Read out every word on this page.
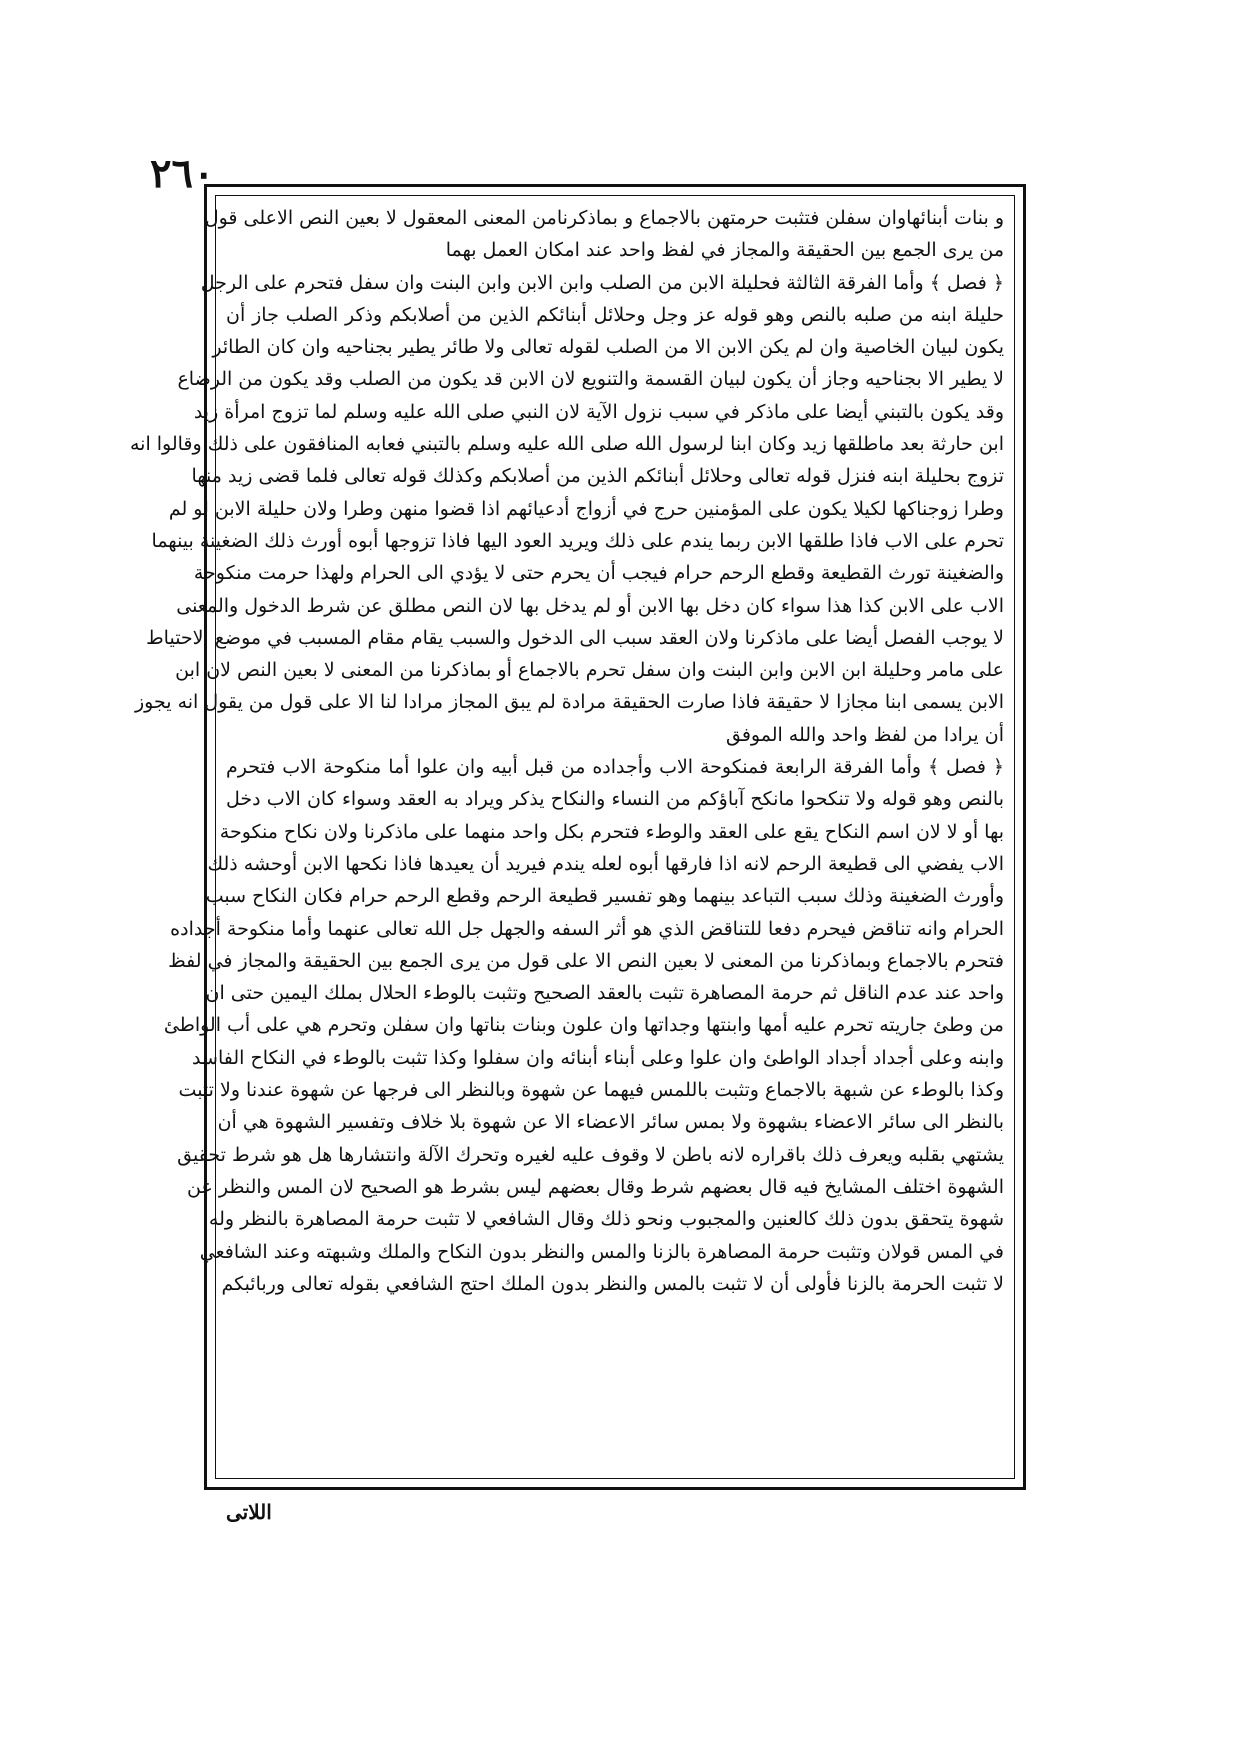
٢٦٠
و بنات أبنائهاوان سفلن فتثبت حرمتهن بالاجماع و بماذكرنامن المعنى المعقول لا بعين النص الاعلى قول
من يرى الجمع بين الحقيقة والمجاز في لفظ واحد عند امكان العمل بهما
﴿ فصل ﴾ وأما الفرقة الثالثة فحليلة الابن من الصلب وابن الابن وابن البنت وان سفل فتحرم على الرجل
حليلة ابنه من صلبه بالنص وهو قوله عز وجل وحلائل أبنائكم الذين من أصلابكم وذكر الصلب جاز أن
يكون لبيان الخاصية وان لم يكن الابن الا من الصلب لقوله تعالى ولا طائر يطير بجناحيه وان كان الطائر
لا يطير الا بجناحيه وجاز أن يكون لبيان القسمة والتنويع لان الابن قد يكون من الصلب وقد يكون من الرضاع
وقد يكون بالتبني أيضا على ماذكر في سبب نزول الآية لان النبي صلى الله عليه وسلم لما تزوج امرأة زيد
ابن حارثة بعد ماطلقها زيد وكان ابنا لرسول الله صلى الله عليه وسلم بالتبني فعابه المنافقون على ذلك وقالوا انه
تزوج بحليلة ابنه فنزل قوله تعالى وحلائل أبنائكم الذين من أصلابكم وكذلك قوله تعالى فلما قضى زيد منها
وطرا زوجناكها لكيلا يكون على المؤمنين حرج في أزواج أدعيائهم اذا قضوا منهن وطرا ولان حليلة الابن لو لم
تحرم على الاب فاذا طلقها الابن ربما يندم على ذلك ويريد العود اليها فاذا تزوجها أبوه أورث ذلك الضغينة بينهما
والضغينة تورث القطيعة وقطع الرحم حرام فيجب أن يحرم حتى لا يؤدي الى الحرام ولهذا حرمت منكوحة
الاب على الابن كذا هذا سواء كان دخل بها الابن أو لم يدخل بها لان النص مطلق عن شرط الدخول والمعنى
لا يوجب الفصل أيضا على ماذكرنا ولان العقد سبب الى الدخول والسبب يقام مقام المسبب في موضع الاحتياط
على مامر وحليلة ابن الابن وابن البنت وان سفل تحرم بالاجماع أو بماذكرنا من المعنى لا بعين النص لان ابن
الابن يسمى ابنا مجازا لا حقيقة فاذا صارت الحقيقة مرادة لم يبق المجاز مرادا لنا الا على قول من يقول انه يجوز
أن يرادا من لفظ واحد والله الموفق
﴿ فصل ﴾ وأما الفرقة الرابعة فمنكوحة الاب وأجداده من قبل أبيه وان علوا أما منكوحة الاب فتحرم
بالنص وهو قوله ولا تنكحوا مانكح آباؤكم من النساء والنكاح يذكر ويراد به العقد وسواء كان الاب دخل
بها أو لا لان اسم النكاح يقع على العقد والوطء فتحرم بكل واحد منهما على ماذكرنا ولان نكاح منكوحة
الاب يفضي الى قطيعة الرحم لانه اذا فارقها أبوه لعله يندم فيريد أن يعيدها فاذا نكحها الابن أوحشه ذلك
وأورث الضغينة وذلك سبب التباعد بينهما وهو تفسير قطيعة الرحم وقطع الرحم حرام فكان النكاح سبب
الحرام وانه تناقض فيحرم دفعا للتناقض الذي هو أثر السفه والجهل جل الله تعالى عنهما وأما منكوحة أجداده
فتحرم بالاجماع وبماذكرنا من المعنى لا بعين النص الا على قول من يرى الجمع بين الحقيقة والمجاز في لفظ
واحد عند عدم الناقل ثم حرمة المصاهرة تثبت بالعقد الصحيح وتثبت بالوطء الحلال بملك اليمين حتى ان
من وطئ جاريته تحرم عليه أمها وابنتها وجداتها وان علون وبنات بناتها وان سفلن وتحرم هي على أب الواطئ
وابنه وعلى أجداد أجداد الواطئ وان علوا وعلى أبناء أبنائه وان سفلوا وكذا تثبت بالوطء في النكاح الفاسد
وكذا بالوطء عن شبهة بالاجماع وتثبت باللمس فيهما عن شهوة وبالنظر الى فرجها عن شهوة عندنا ولا تثبت
بالنظر الى سائر الاعضاء بشهوة ولا بمس سائر الاعضاء الا عن شهوة بلا خلاف وتفسير الشهوة هي أن
يشتهي بقلبه ويعرف ذلك باقراره لانه باطن لا وقوف عليه لغيره وتحرك الآلة وانتشارها هل هو شرط تحقيق
الشهوة اختلف المشايخ فيه قال بعضهم شرط وقال بعضهم ليس بشرط هو الصحيح لان المس والنظر عن
شهوة يتحقق بدون ذلك كالعنين والمجبوب ونحو ذلك وقال الشافعي لا تثبت حرمة المصاهرة بالنظر وله
في المس قولان وتثبت حرمة المصاهرة بالزنا والمس والنظر بدون النكاح والملك وشبهته وعند الشافعي
لا تثبت الحرمة بالزنا فأولى أن لا تثبت بالمس والنظر بدون الملك احتج الشافعي بقوله تعالى وربائبكم
اللاتى
